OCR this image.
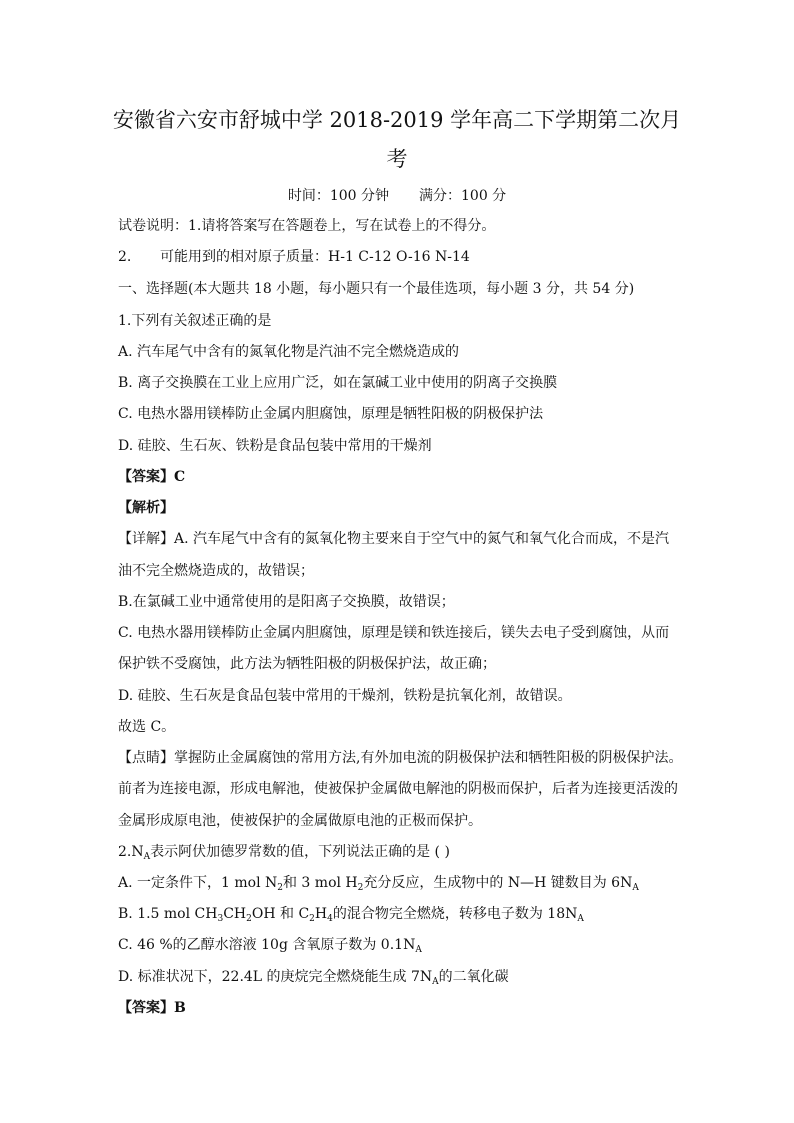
安徽省六安市舒城中学 2018-2019 学年高二下学期第二次月
考
时间：100 分钟 满分：100 分
试卷说明：1.请将答案写在答题卷上，写在试卷上的不得分。
2. 可能用到的相对原子质量：H-1 C-12 O-16 N-14
一、选择题(本大题共 18 小题，每小题只有一个最佳选项，每小题 3 分，共 54 分)
1.下列有关叙述正确的是
A. 汽车尾气中含有的氮氧化物是汽油不完全燃烧造成的
B. 离子交换膜在工业上应用广泛，如在氯碱工业中使用的阴离子交换膜
C. 电热水器用镁棒防止金属内胆腐蚀，原理是牺牲阳极的阴极保护法
D. 硅胶、生石灰、铁粉是食品包装中常用的干燥剂
【答案】C
【解析】
【详解】A. 汽车尾气中含有的氮氧化物主要来自于空气中的氮气和氧气化合而成，不是汽
油不完全燃烧造成的，故错误；
B.在氯碱工业中通常使用的是阳离子交换膜，故错误；
C. 电热水器用镁棒防止金属内胆腐蚀，原理是镁和铁连接后，镁失去电子受到腐蚀，从而
保护铁不受腐蚀，此方法为牺牲阳极的阴极保护法，故正确；
D. 硅胶、生石灰是食品包装中常用的干燥剂，铁粉是抗氧化剂，故错误。
故选 C。
【点睛】掌握防止金属腐蚀的常用方法,有外加电流的阴极保护法和牺牲阳极的阴极保护法。
前者为连接电源，形成电解池，使被保护金属做电解池的阴极而保护，后者为连接更活泼的
金属形成原电池，使被保护的金属做原电池的正极而保护。
$2.N_A$表示阿伏加德罗常数的值，下列说法正确的是 ( )
A. 一定条件下，1 mol $N_2$和 3 mol $H_2$充分反应，生成物中的 N—H 键数目为 $6N_A$
B. 1.5 mol $CH_3CH_2OH$ 和 $C_2H_4$的混合物完全燃烧，转移电子数为 $18N_A$
C. 46 %的乙醇水溶液 10g 含氧原子数为 $0.1N_A$
D. 标准状况下，22.4L 的庚烷完全燃烧能生成 $7N_A$的二氧化碳
【答案】B
